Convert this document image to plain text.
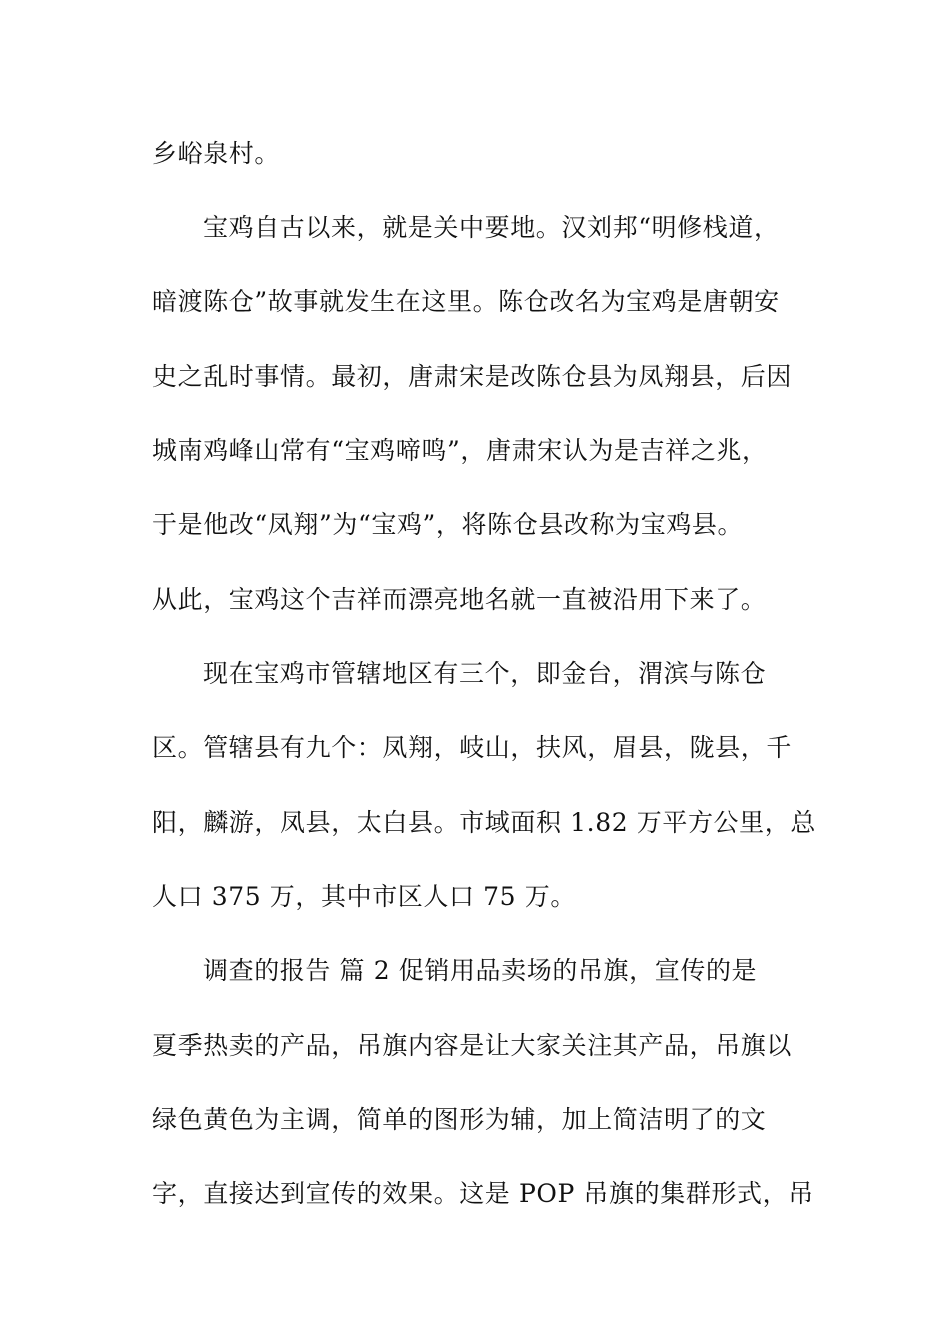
乡峪泉村。
宝鸡自古以来，就是关中要地。汉刘邦“明修栈道，
暗渡陈仓”故事就发生在这里。陈仓改名为宝鸡是唐朝安
史之乱时事情。最初，唐肃宋是改陈仓县为凤翔县，后因
城南鸡峰山常有“宝鸡啼鸣”，唐肃宋认为是吉祥之兆，
于是他改“凤翔”为“宝鸡”，将陈仓县改称为宝鸡县。
从此，宝鸡这个吉祥而漂亮地名就一直被沿用下来了。
现在宝鸡市管辖地区有三个，即金台，渭滨与陈仓
区。管辖县有九个：凤翔，岐山，扶风，眉县，陇县，千
阳，麟游，凤县，太白县。市域面积 1.82 万平方公里，总
人口 375 万，其中市区人口 75 万。
调查的报告 篇 2 促销用品卖场的吊旗，宣传的是
夏季热卖的产品，吊旗内容是让大家关注其产品，吊旗以
绿色黄色为主调，简单的图形为辅，加上简洁明了的文
字，直接达到宣传的效果。这是 POP 吊旗的集群形式，吊
